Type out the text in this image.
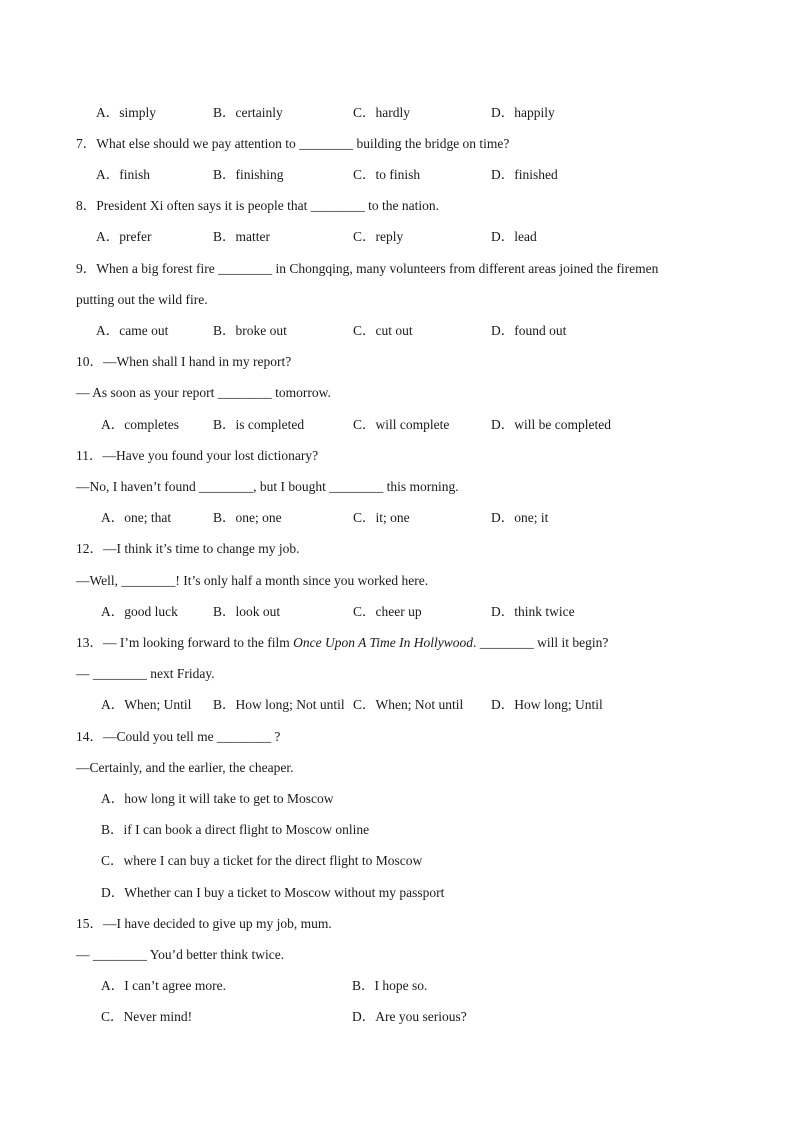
A．simply	B．certainly	C．hardly	D．happily
7．What else should we pay attention to ________ building the bridge on time?
A．finish	B．finishing	C．to finish	D．finished
8．President Xi often says it is people that ________ to the nation.
A．prefer	B．matter	C．reply	D．lead
9．When a big forest fire ________ in Chongqing, many volunteers from different areas joined the firemen
putting out the wild fire.
A．came out	B．broke out	C．cut out	D．found out
10．—When shall I hand in my report?
— As soon as your report ________ tomorrow.
A．completes	B．is completed	C．will complete	D．will be completed
11．—Have you found your lost dictionary?
—No, I haven’t found ________, but I bought ________ this morning.
A．one; that	B．one; one	C．it; one	D．one; it
12．—I think it’s time to change my job.
—Well, ________! It’s only half a month since you worked here.
A．good luck	B．look out	C．cheer up	D．think twice
13．— I’m looking forward to the film Once Upon A Time In Hollywood. ________ will it begin?
— ________ next Friday.
A．When; Until B．How long; Not until C．When; Not until D．How long; Until
14．—Could you tell me ________ ?
—Certainly, and the earlier, the cheaper.
A．how long it will take to get to Moscow
B．if I can book a direct flight to Moscow online
C．where I can buy a ticket for the direct flight to Moscow
D．Whether can I buy a ticket to Moscow without my passport
15．—I have decided to give up my job, mum.
— ________ You’d better think twice.
A．I can’t agree more.	B．I hope so.
C．Never mind!	D．Are you serious?
